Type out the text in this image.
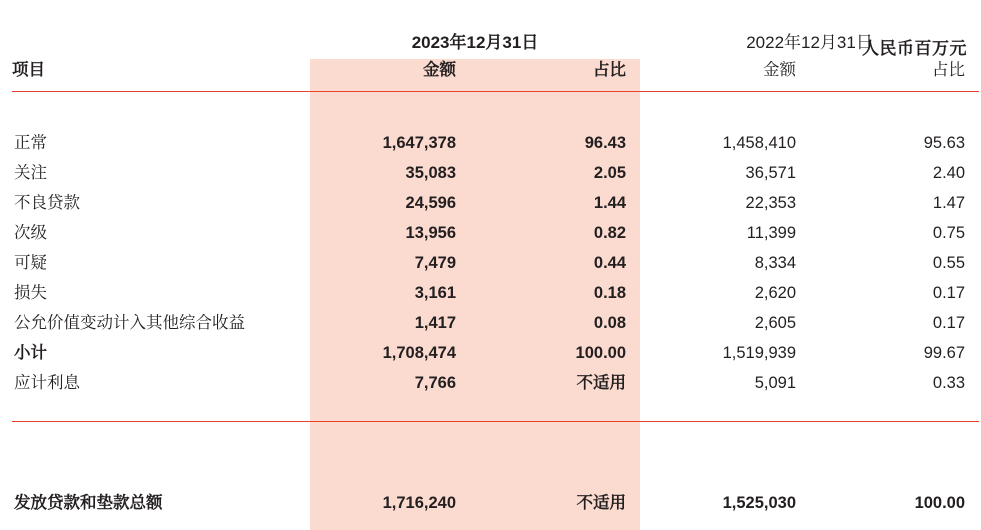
人民币百万元
	2023年12月31日		2022年12月31日	
项目	金额	占比	金额	占比

正常	1,647,378	96.43	1,458,410	95.63
关注	35,083	2.05	36,571	2.40
不良贷款	24,596	1.44	22,353	1.47
次级	13,956	0.82	11,399	0.75
可疑	7,479	0.44	8,334	0.55
损失	3,161	0.18	2,620	0.17
公允价值变动计入其他综合收益	1,417	0.08	2,605	0.17
小计	1,708,474	100.00	1,519,939	99.67
应计利息	7,766	不适用	5,091	0.33

发放贷款和垫款总额	1,716,240	不适用	1,525,030	100.00
